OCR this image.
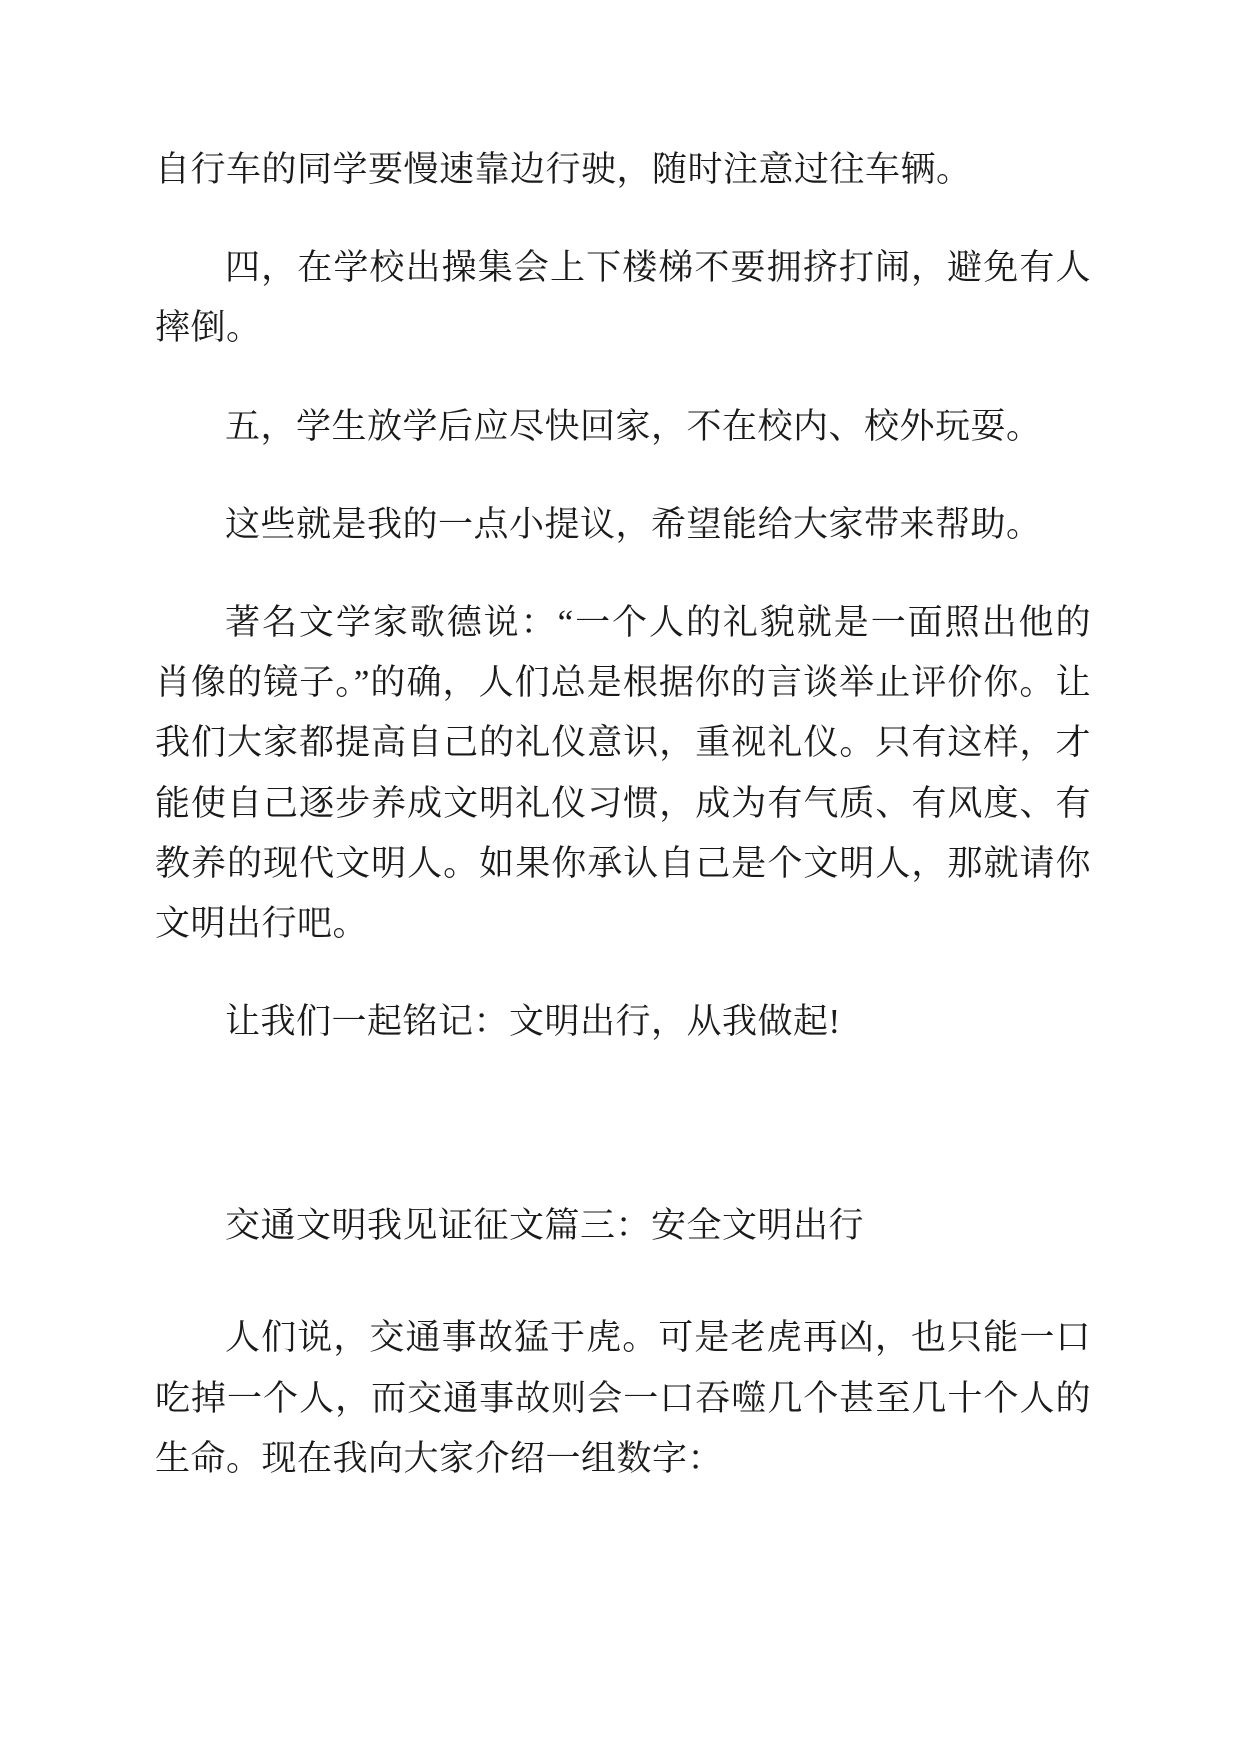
自行车的同学要慢速靠边行驶，随时注意过往车辆。

四，在学校出操集会上下楼梯不要拥挤打闹，避免有人摔倒。

五，学生放学后应尽快回家，不在校内、校外玩耍。

这些就是我的一点小提议，希望能给大家带来帮助。

著名文学家歌德说：“一个人的礼貌就是一面照出他的肖像的镜子。”的确，人们总是根据你的言谈举止评价你。让我们大家都提高自己的礼仪意识，重视礼仪。只有这样，才能使自己逐步养成文明礼仪习惯，成为有气质、有风度、有教养的现代文明人。如果你承认自己是个文明人，那就请你文明出行吧。

让我们一起铭记：文明出行，从我做起!

交通文明我见证征文篇三：安全文明出行

人们说，交通事故猛于虎。可是老虎再凶，也只能一口吃掉一个人，而交通事故则会一口吞噬几个甚至几十个人的生命。现在我向大家介绍一组数字：
